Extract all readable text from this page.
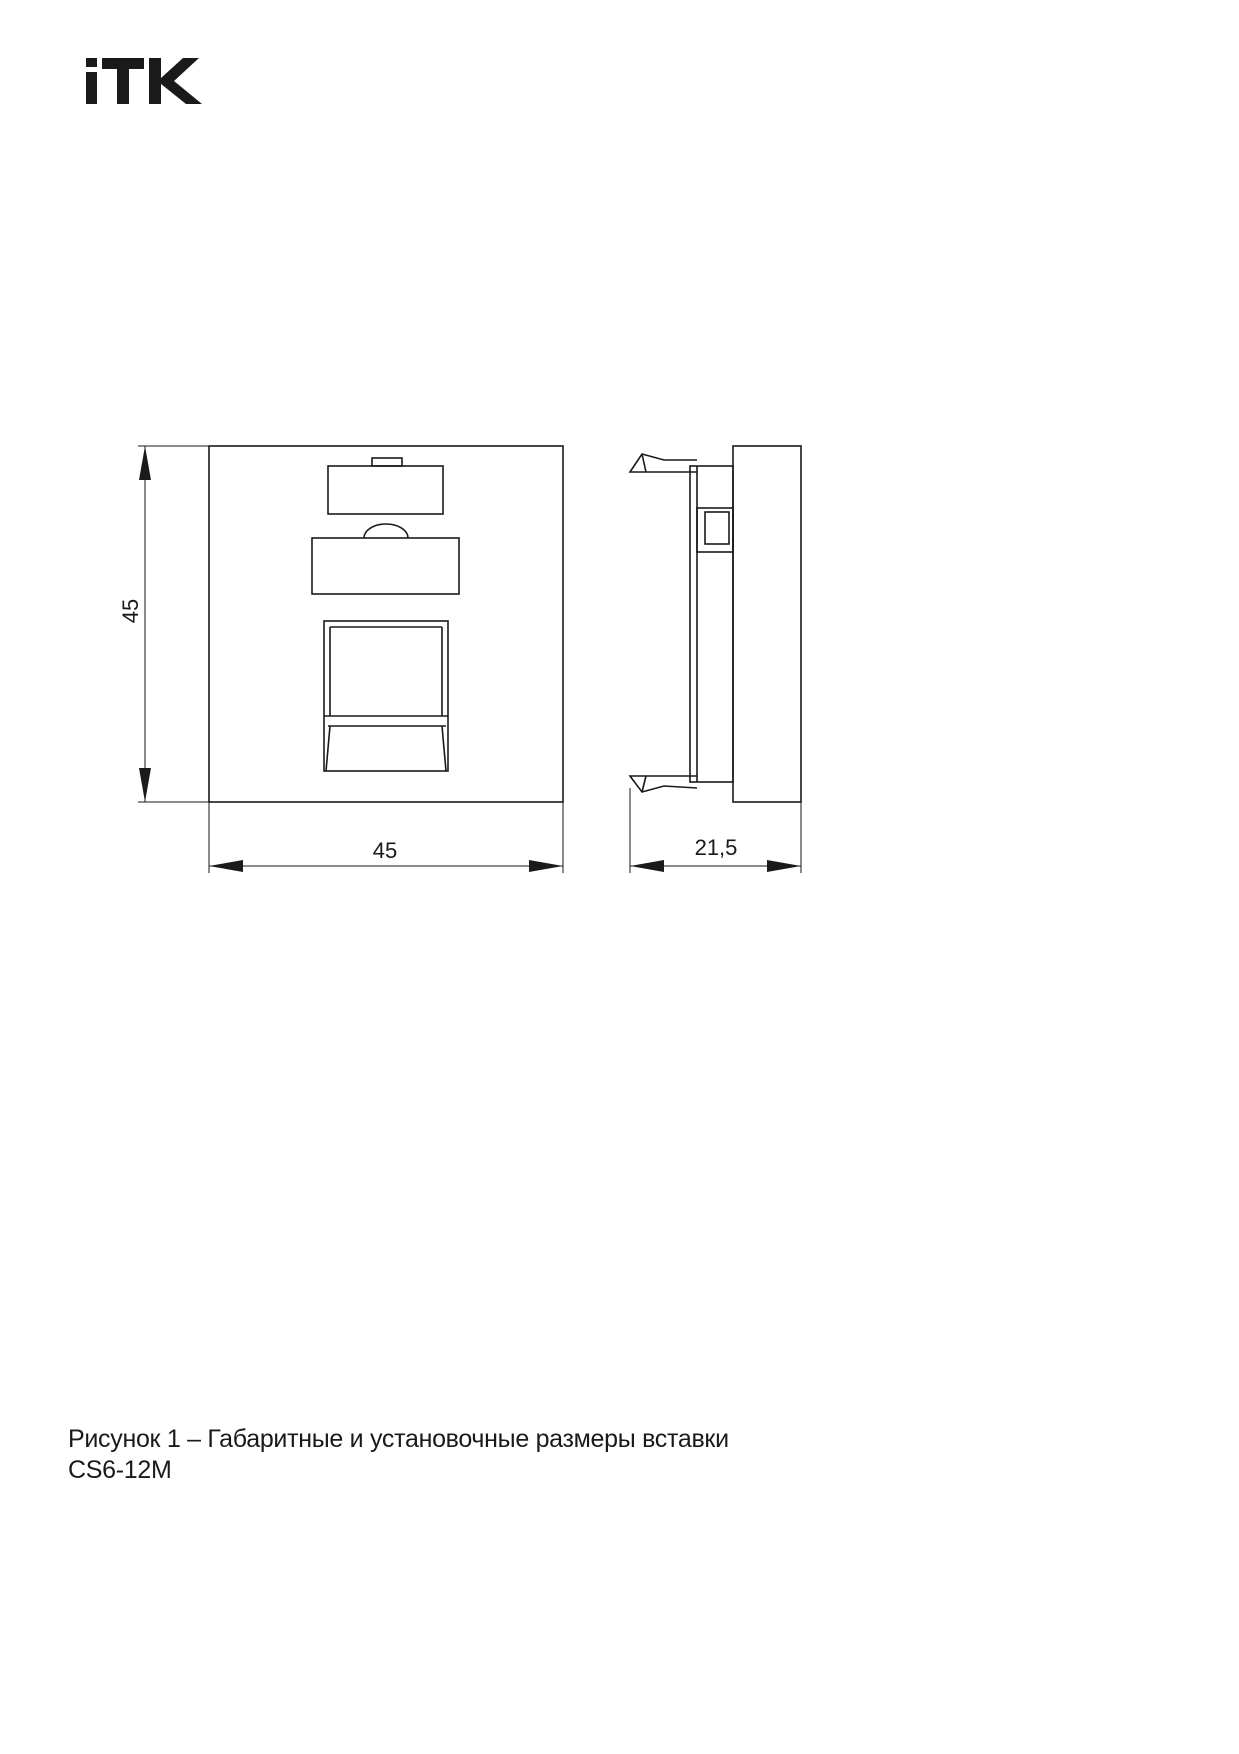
45
45	21,5
Рисунок 1 – Габаритные и установочные размеры вставки
CS6-12M
